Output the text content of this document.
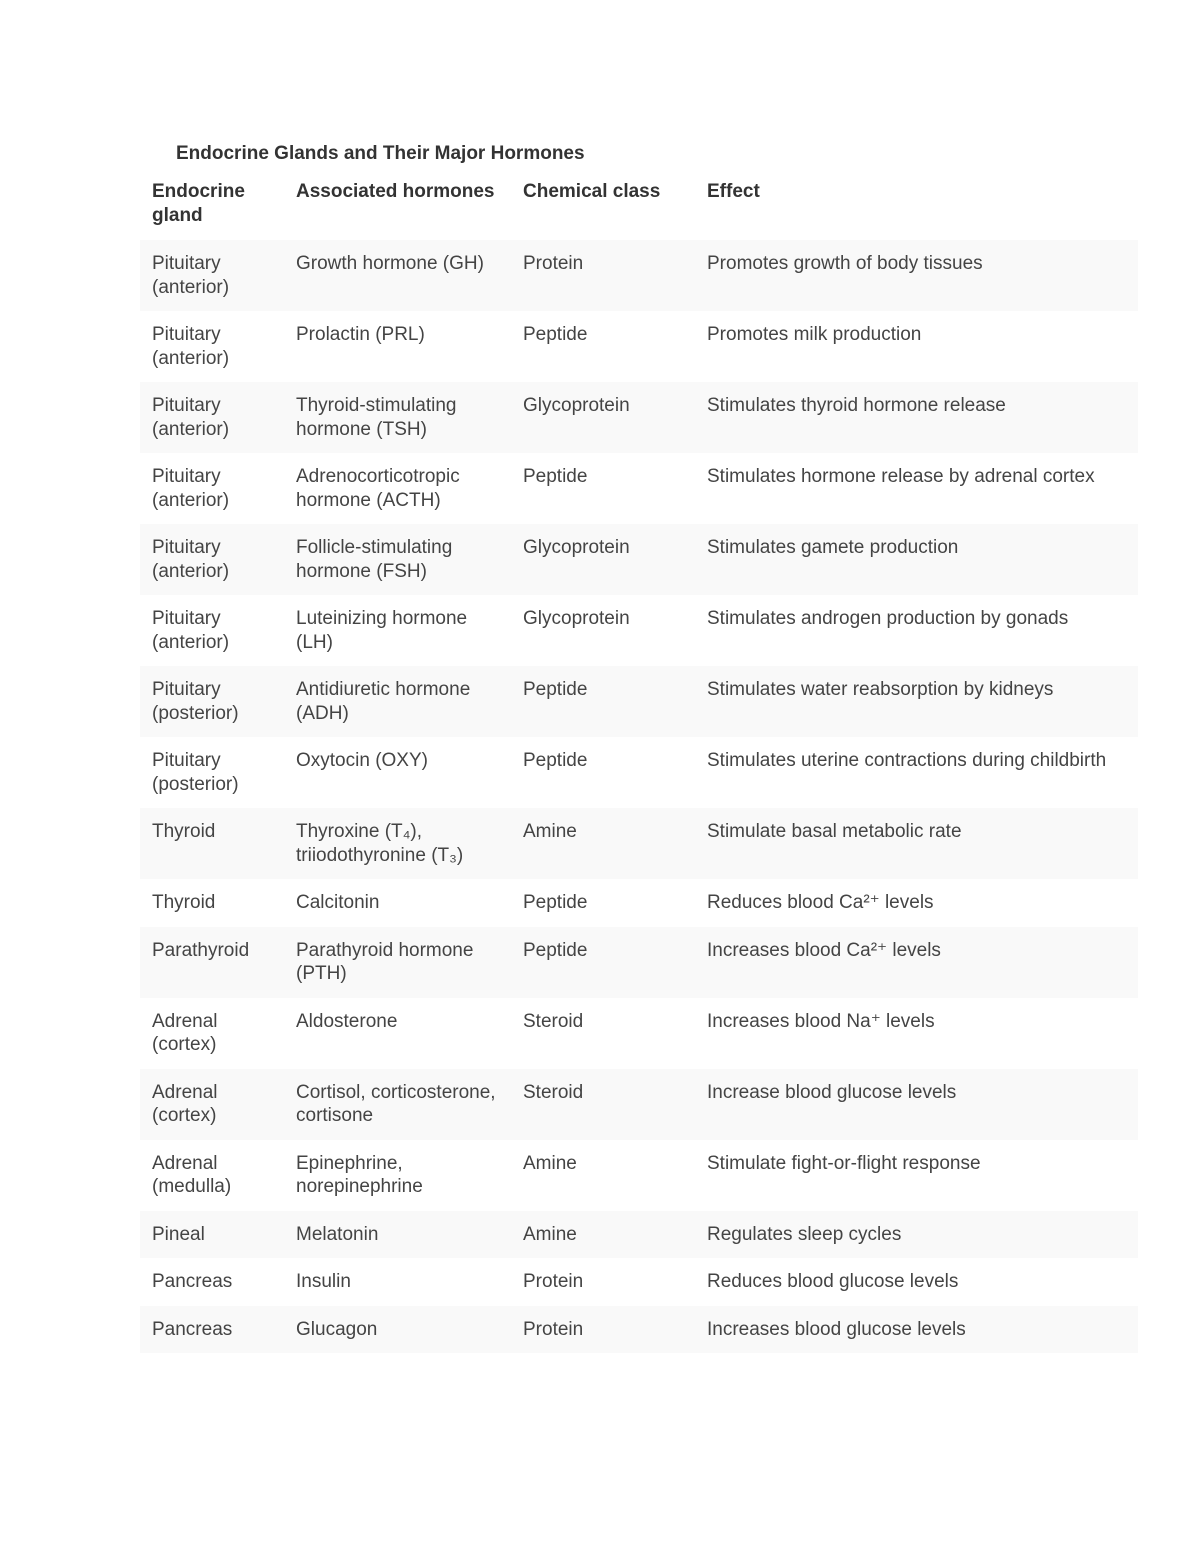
Endocrine Glands and Their Major Hormones
Endocrine gland	Associated hormones	Chemical class	Effect
Pituitary (anterior)	Growth hormone (GH)	Protein	Promotes growth of body tissues
Pituitary (anterior)	Prolactin (PRL)	Peptide	Promotes milk production
Pituitary (anterior)	Thyroid-stimulating hormone (TSH)	Glycoprotein	Stimulates thyroid hormone release
Pituitary (anterior)	Adrenocorticotropic hormone (ACTH)	Peptide	Stimulates hormone release by adrenal cortex
Pituitary (anterior)	Follicle-stimulating hormone (FSH)	Glycoprotein	Stimulates gamete production
Pituitary (anterior)	Luteinizing hormone (LH)	Glycoprotein	Stimulates androgen production by gonads
Pituitary (posterior)	Antidiuretic hormone (ADH)	Peptide	Stimulates water reabsorption by kidneys
Pituitary (posterior)	Oxytocin (OXY)	Peptide	Stimulates uterine contractions during childbirth
Thyroid	Thyroxine (T₄), triiodothyronine (T₃)	Amine	Stimulate basal metabolic rate
Thyroid	Calcitonin	Peptide	Reduces blood Ca²⁺ levels
Parathyroid	Parathyroid hormone (PTH)	Peptide	Increases blood Ca²⁺ levels
Adrenal (cortex)	Aldosterone	Steroid	Increases blood Na⁺ levels
Adrenal (cortex)	Cortisol, corticosterone, cortisone	Steroid	Increase blood glucose levels
Adrenal (medulla)	Epinephrine, norepinephrine	Amine	Stimulate fight-or-flight response
Pineal	Melatonin	Amine	Regulates sleep cycles
Pancreas	Insulin	Protein	Reduces blood glucose levels
Pancreas	Glucagon	Protein	Increases blood glucose levels
